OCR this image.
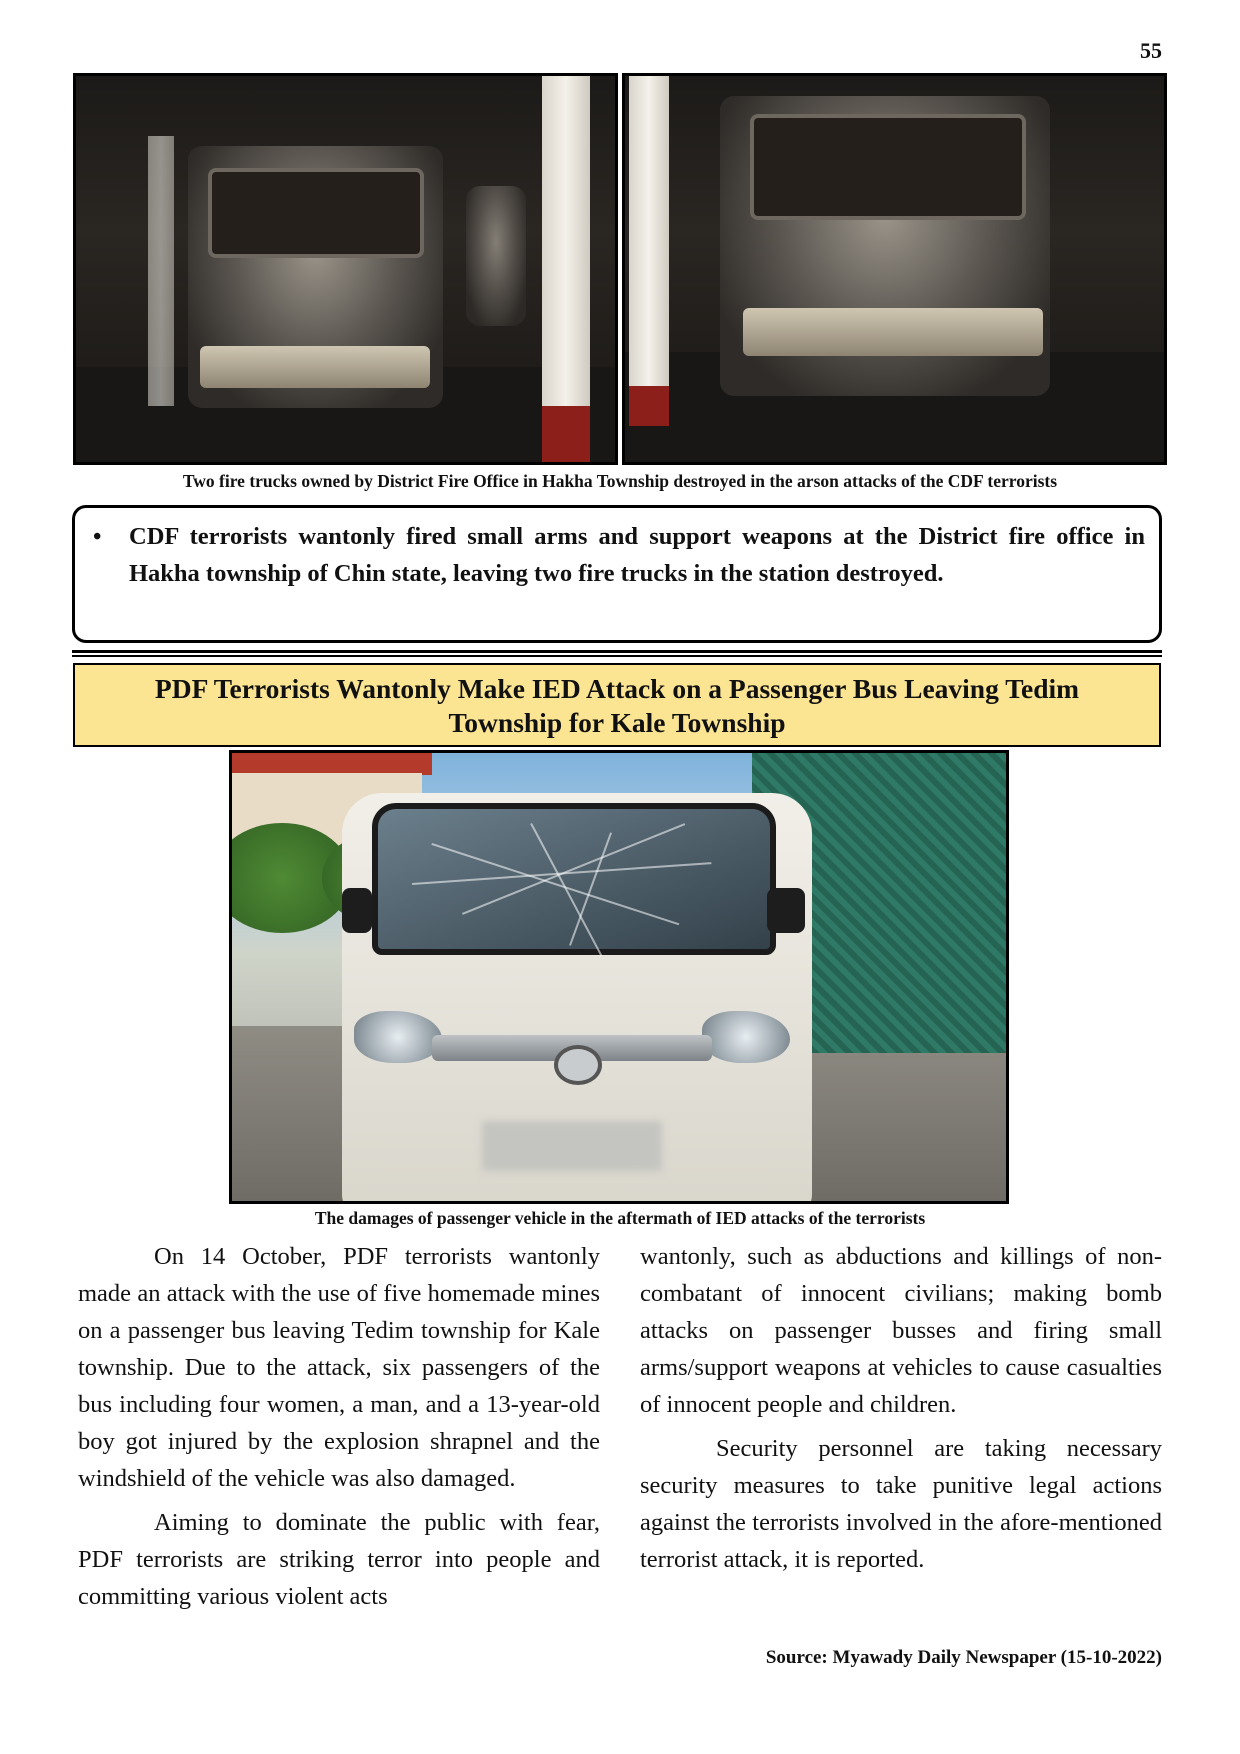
55
Two fire trucks owned by District Fire Office in Hakha Township destroyed in the arson attacks of the CDF terrorists
• CDF terrorists wantonly fired small arms and support weapons at the District fire office in Hakha township of Chin state, leaving two fire trucks in the station destroyed.

PDF Terrorists Wantonly Make IED Attack on a Passenger Bus Leaving Tedim
Township for Kale Township
The damages of passenger vehicle in the aftermath of IED attacks of the terrorists

On 14 October, PDF terrorists wantonly made an attack with the use of five homemade mines on a passenger bus leaving Tedim township for Kale township. Due to the attack, six passengers of the bus including four women, a man, and a 13-year-old boy got injured by the explosion shrapnel and the windshield of the vehicle was also damaged.

Aiming to dominate the public with fear, PDF terrorists are striking terror into people and committing various violent acts

wantonly, such as abductions and killings of non-combatant of innocent civilians; making bomb attacks on passenger busses and firing small arms/support weapons at vehicles to cause casualties of innocent people and children.

Security personnel are taking necessary security measures to take punitive legal actions against the terrorists involved in the afore-mentioned terrorist attack, it is reported.

Source: Myawady Daily Newspaper (15-10-2022)
